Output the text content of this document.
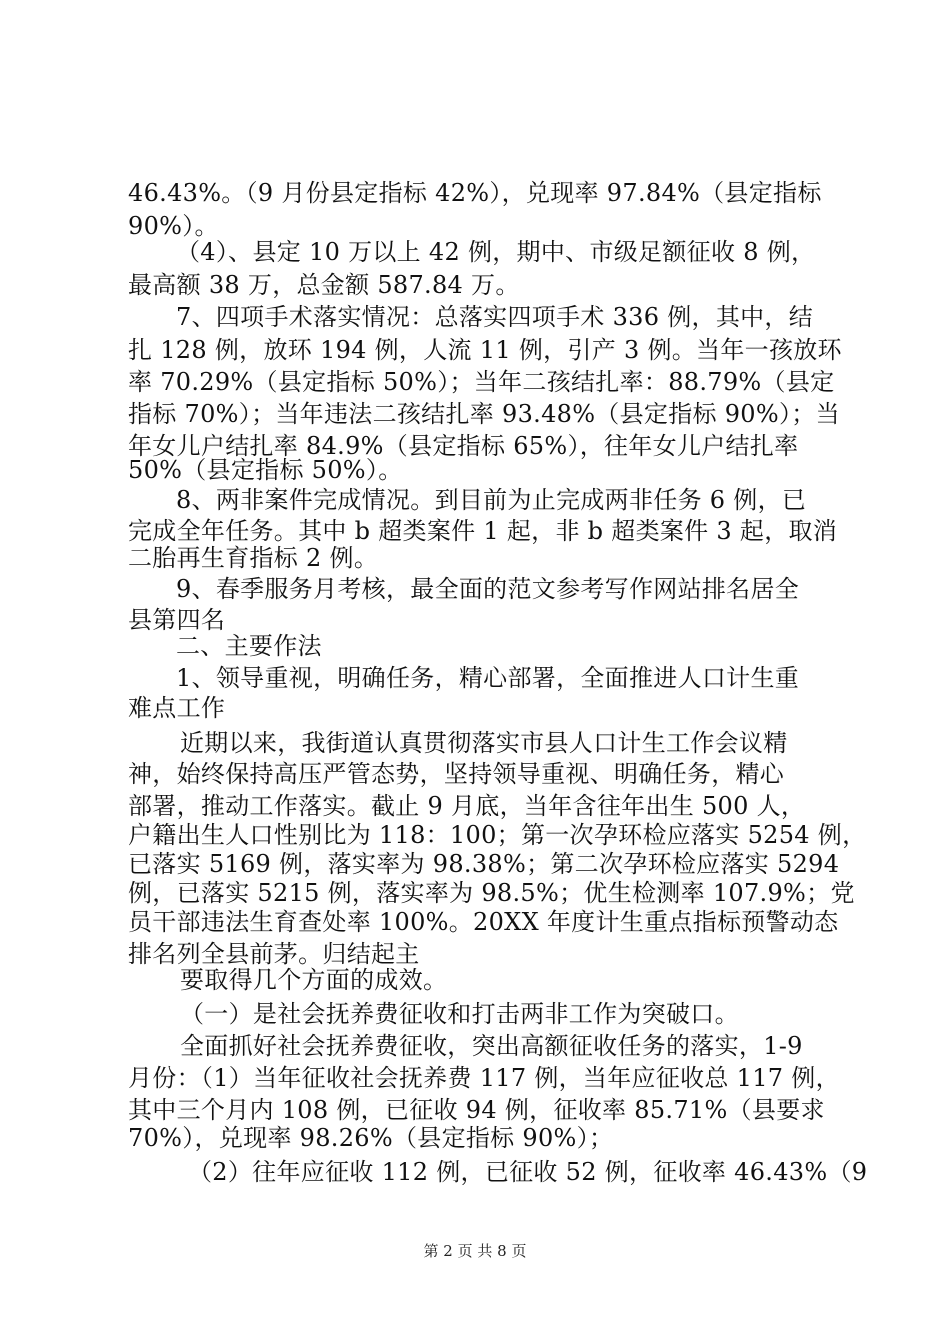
46.43%。（9 月份县定指标 42%），兑现率 97.84%（县定指标
90%）。
（4）、县定 10 万以上 42 例，期中、市级足额征收 8 例，
最高额 38 万，总金额 587.84 万。
7、四项手术落实情况：总落实四项手术 336 例，其中，结
扎 128 例，放环 194 例，人流 11 例，引产 3 例。当年一孩放环
率 70.29%（县定指标 50%）；当年二孩结扎率：88.79%（县定
指标 70%）；当年违法二孩结扎率 93.48%（县定指标 90%）；当
年女儿户结扎率 84.9%（县定指标 65%），往年女儿户结扎率
50%（县定指标 50%）。
8、两非案件完成情况。到目前为止完成两非任务 6 例，已
完成全年任务。其中 b 超类案件 1 起，非 b 超类案件 3 起，取消
二胎再生育指标 2 例。
9、春季服务月考核，最全面的范文参考写作网站排名居全
县第四名
二、主要作法
1、领导重视，明确任务，精心部署，全面推进人口计生重
难点工作
近期以来，我街道认真贯彻落实市县人口计生工作会议精
神，始终保持高压严管态势，坚持领导重视、明确任务，精心
部署，推动工作落实。截止 9 月底，当年含往年出生 500 人，
户籍出生人口性别比为 118：100；第一次孕环检应落实 5254 例，
已落实 5169 例，落实率为 98.38%；第二次孕环检应落实 5294
例，已落实 5215 例，落实率为 98.5%；优生检测率 107.9%；党
员干部违法生育查处率 100%。20XX 年度计生重点指标预警动态
排名列全县前茅。归结起主
要取得几个方面的成效。
（一）是社会抚养费征收和打击两非工作为突破口。
全面抓好社会抚养费征收，突出高额征收任务的落实，1-9
月份：（1）当年征收社会抚养费 117 例，当年应征收总 117 例，
其中三个月内 108 例，已征收 94 例，征收率 85.71%（县要求
70%），兑现率 98.26%（县定指标 90%）；
（2）往年应征收 112 例，已征收 52 例，征收率 46.43%（9
第 2 页 共 8 页
